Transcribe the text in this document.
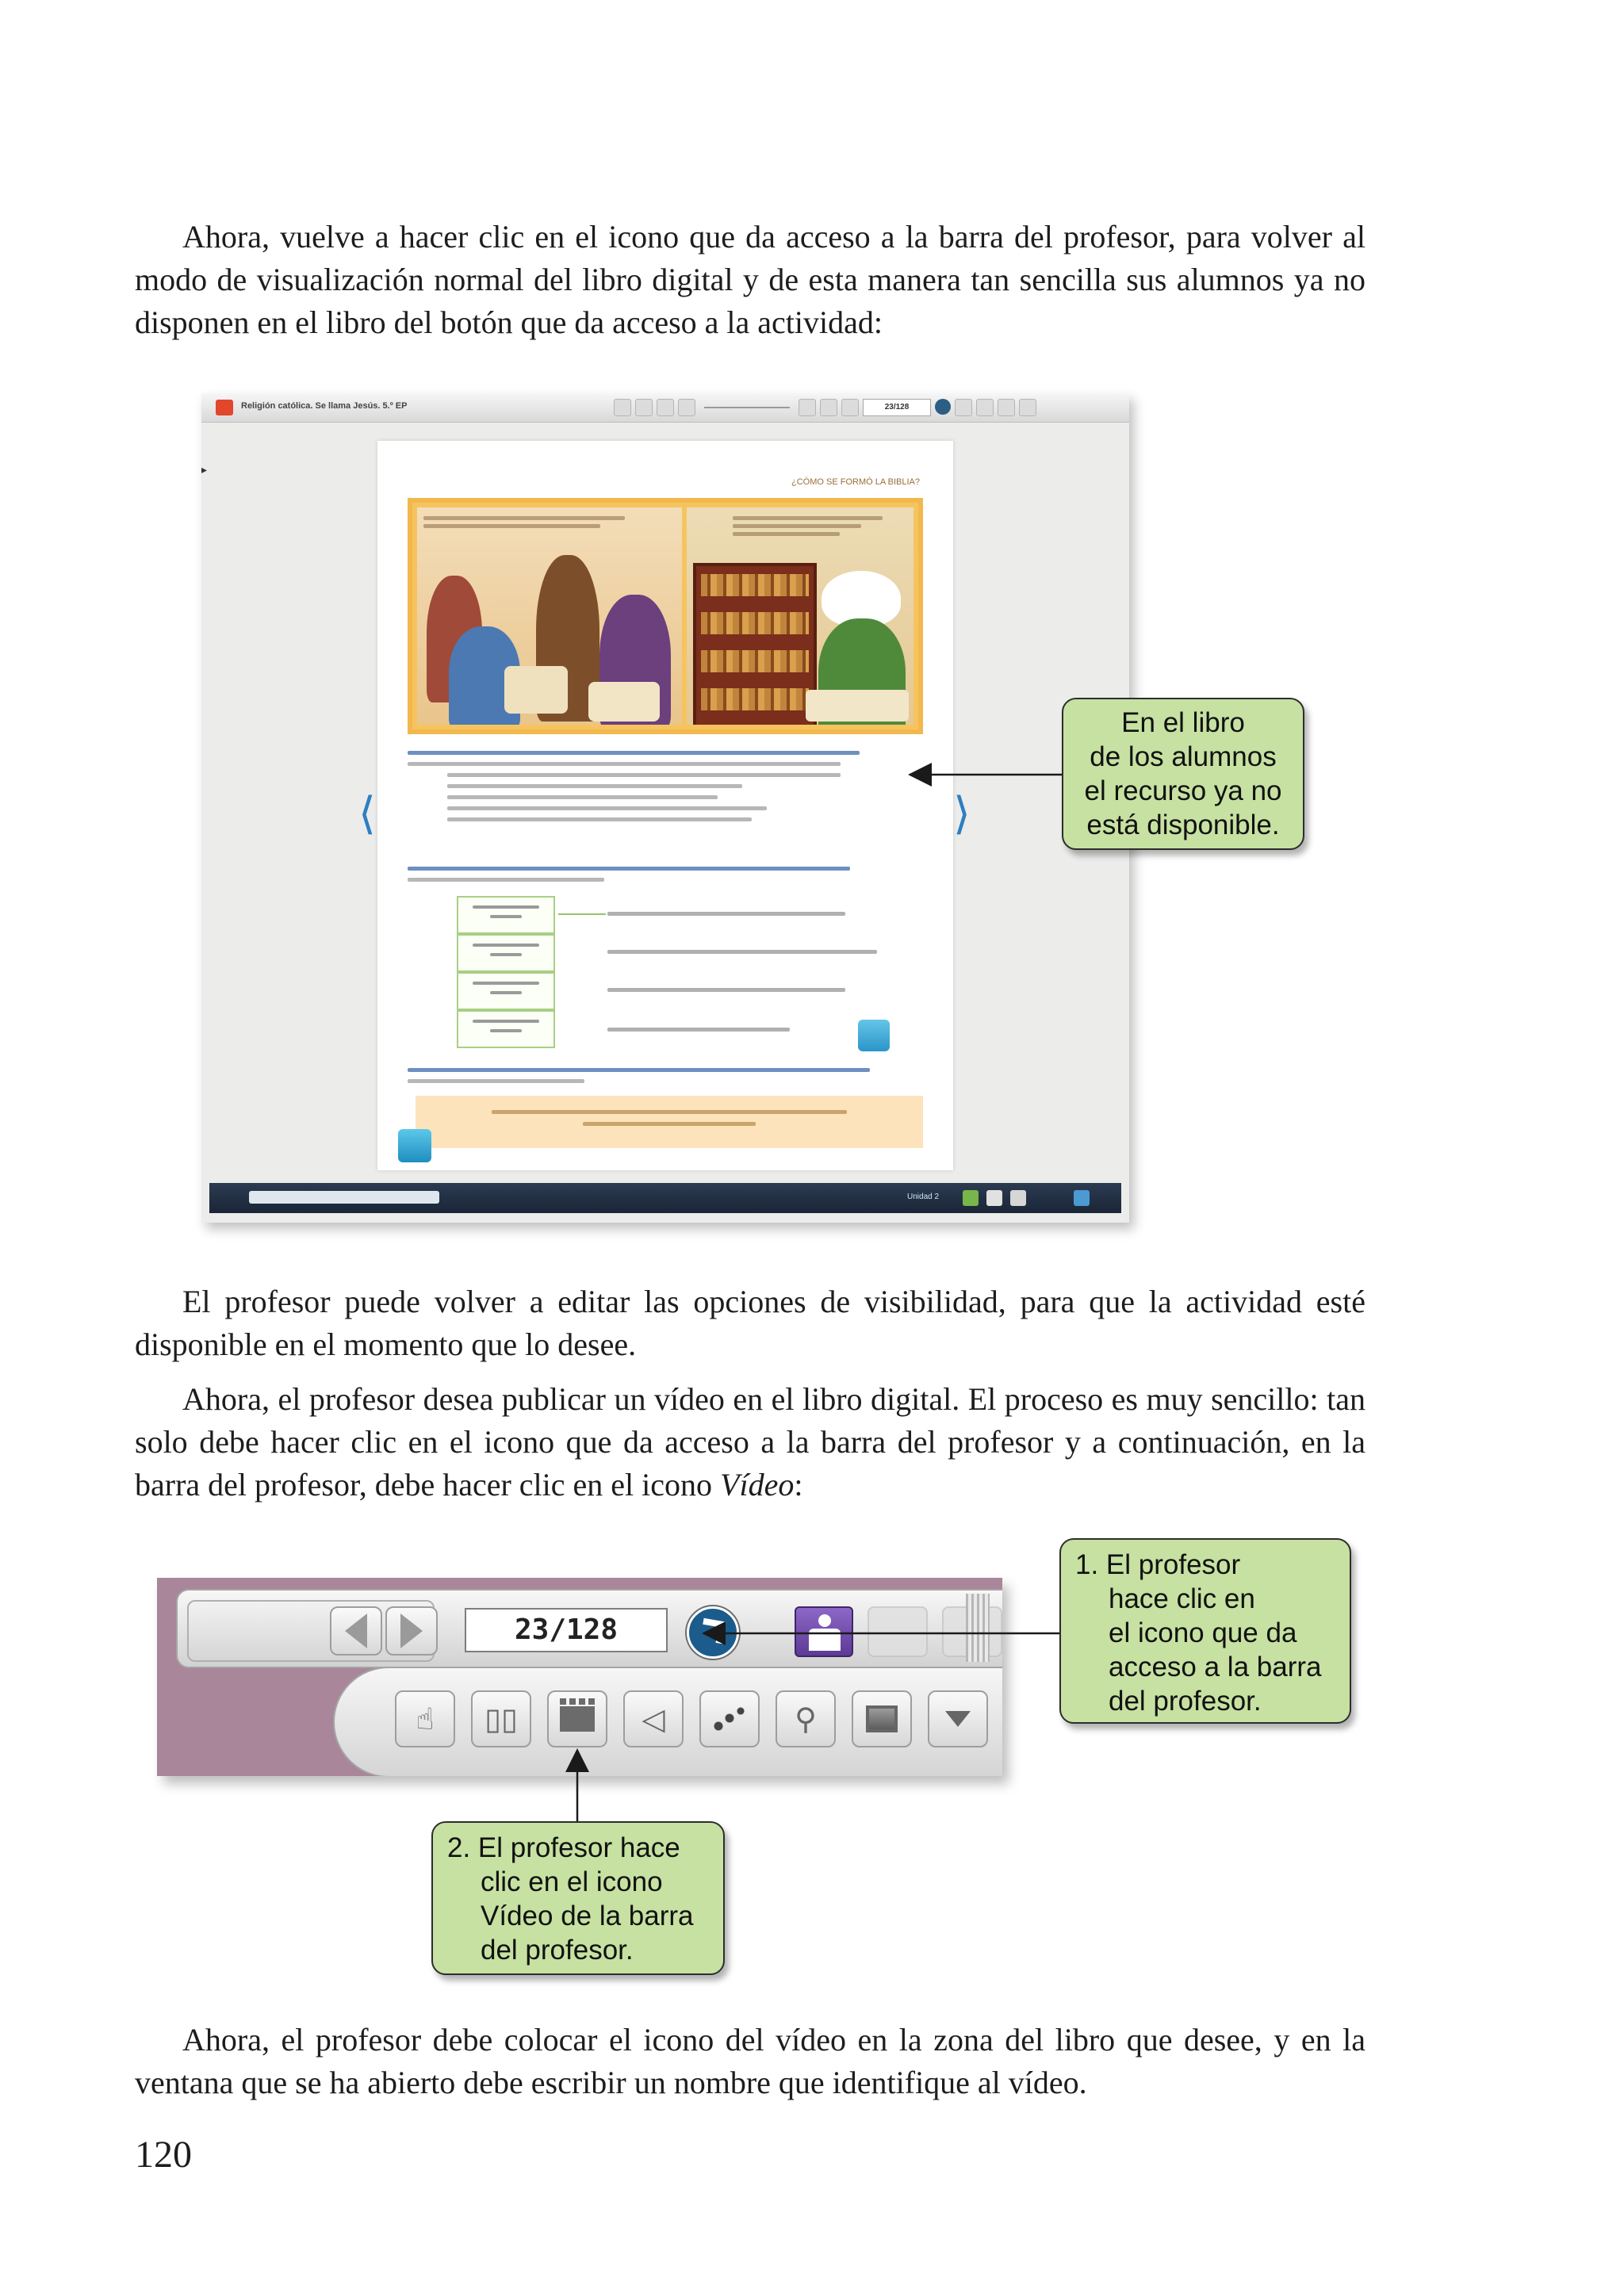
Ahora, vuelve a hacer clic en el icono que da acceso a la barra del profesor, para volver al modo de visualización normal del libro digital y de esta manera tan sencilla sus alumnos ya no disponen en el libro del botón que da acceso a la actividad:

Religión católica. Se llama Jesús. 5.º EP	23/128
▸
⟨	⟩
¿CÓMO SE FORMÓ LA BIBLIA?
Unidad 2
En el libro
de los alumnos
el recurso ya no
está disponible.

El profesor puede volver a editar las opciones de visibilidad, para que la actividad esté disponible en el momento que lo desee.

Ahora, el profesor desea publicar un vídeo en el libro digital. El proceso es muy sencillo: tan solo debe hacer clic en el icono que da acceso a la barra del profesor y a continuación, en la barra del profesor, debe hacer clic en el icono Vídeo:

23/128
☝ ▯▯	◁	⚲
1. El profesor
hace clic en
el icono que da
acceso a la barra
del profesor.
2. El profesor hace
clic en el icono
Vídeo de la barra
del profesor.

Ahora, el profesor debe colocar el icono del vídeo en la zona del libro que desee, y en la ventana que se ha abierto debe escribir un nombre que identifique al vídeo.

120
